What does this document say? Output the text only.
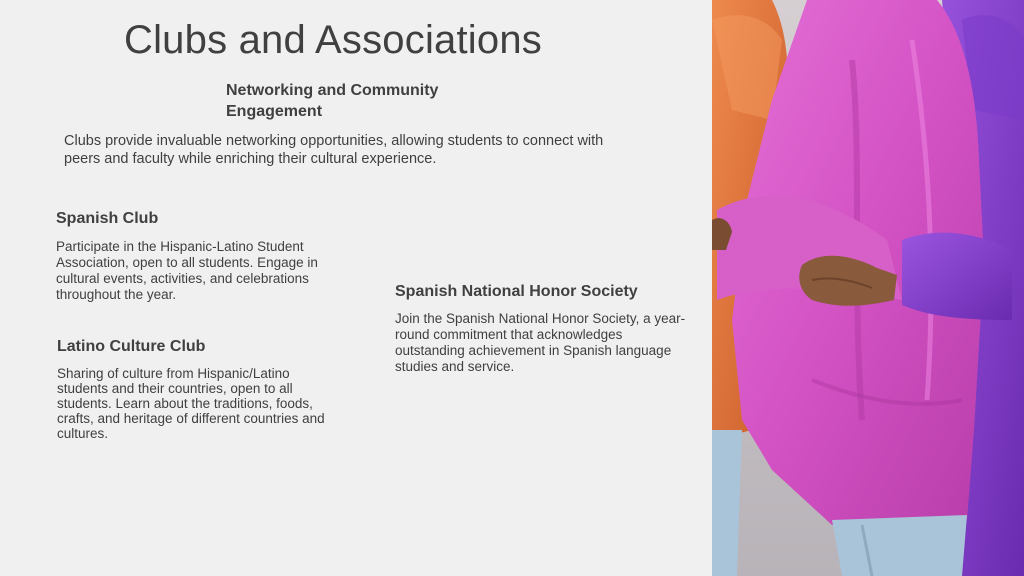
Clubs and Associations
Networking and Community Engagement
Clubs provide invaluable networking opportunities, allowing students to connect with peers and faculty while enriching their cultural experience.
Spanish Club
Participate in the Hispanic-Latino Student Association, open to all students. Engage in cultural events, activities, and celebrations throughout the year.
Latino Culture Club
Sharing of culture from Hispanic/Latino students and their countries, open to all students. Learn about the traditions, foods, crafts, and heritage of different countries and cultures.
Spanish National Honor Society
Join the Spanish National Honor Society, a year-round commitment that acknowledges outstanding achievement in Spanish language studies and service.
